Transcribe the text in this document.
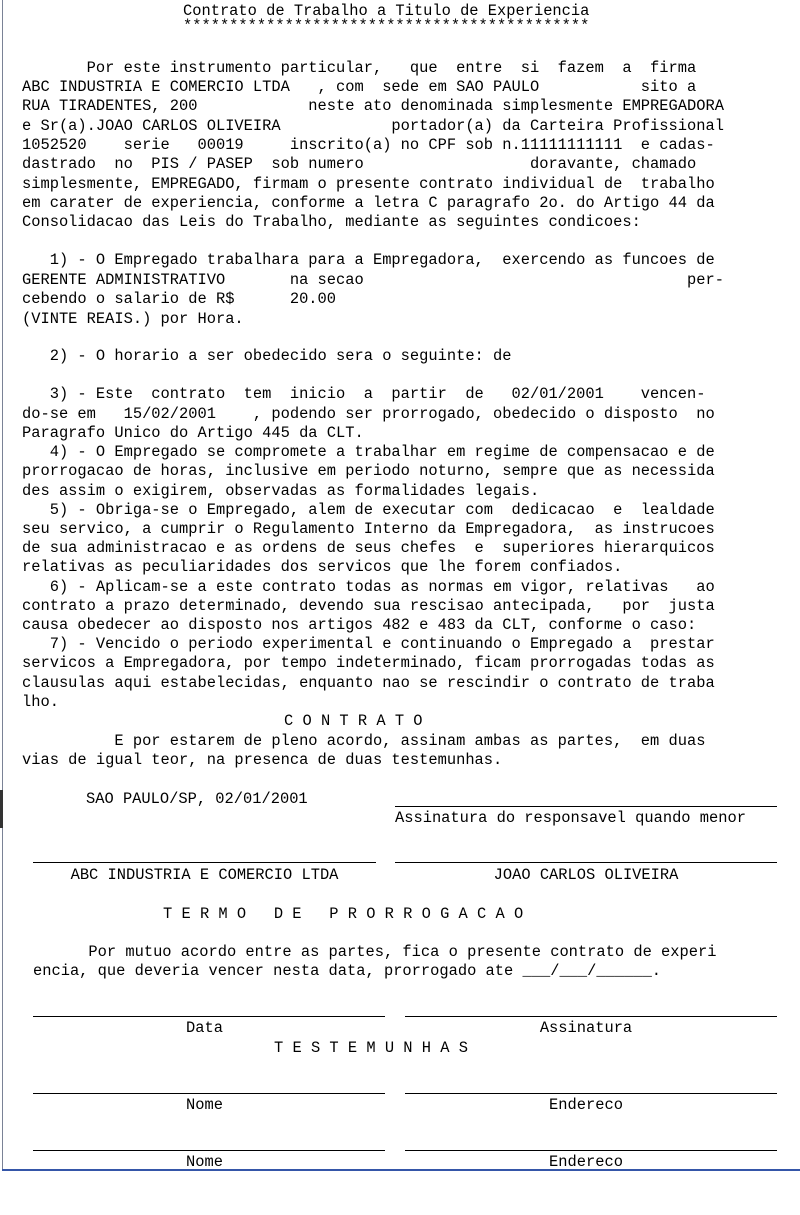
Contrato de Trabalho a Titulo de Experiencia
********************************************
Por este instrumento particular,   que  entre  si  fazem  a  firma
ABC INDUSTRIA E COMERCIO LTDA   , com  sede em SAO PAULO           sito a
RUA TIRADENTES, 200            neste ato denominada simplesmente EMPREGADORA
e Sr(a).JOAO CARLOS OLIVEIRA            portador(a) da Carteira Profissional
1052520    serie   00019     inscrito(a) no CPF sob n.11111111111  e cadas-
dastrado  no  PIS / PASEP  sob numero                  doravante, chamado
simplesmente, EMPREGADO, firmam o presente contrato individual de  trabalho
em carater de experiencia, conforme a letra C paragrafo 2o. do Artigo 44 da
Consolidacao das Leis do Trabalho, mediante as seguintes condicoes:
1) - O Empregado trabalhara para a Empregadora,  exercendo as funcoes de
GERENTE ADMINISTRATIVO       na secao                                   per-
cebendo o salario de R$      20.00
(VINTE REAIS.) por Hora.
2) - O horario a ser obedecido sera o seguinte: de
3) - Este  contrato  tem  inicio  a  partir  de   02/01/2001    vencen-
do-se em   15/02/2001    , podendo ser prorrogado, obedecido o disposto  no
Paragrafo Unico do Artigo 445 da CLT.
4) - O Empregado se compromete a trabalhar em regime de compensacao e de
prorrogacao de horas, inclusive em periodo noturno, sempre que as necessida
des assim o exigirem, observadas as formalidades legais.
5) - Obriga-se o Empregado, alem de executar com  dedicacao  e  lealdade
seu servico, a cumprir o Regulamento Interno da Empregadora,  as instrucoes
de sua administracao e as ordens de seus chefes  e  superiores hierarquicos
relativas as peculiaridades dos servicos que lhe forem confiados.
6) - Aplicam-se a este contrato todas as normas em vigor, relativas   ao
contrato a prazo determinado, devendo sua rescisao antecipada,   por  justa
causa obedecer ao disposto nos artigos 482 e 483 da CLT, conforme o caso:
7) - Vencido o periodo experimental e continuando o Empregado a  prestar
servicos a Empregadora, por tempo indeterminado, ficam prorrogadas todas as
clausulas aqui estabelecidas, enquanto nao se rescindir o contrato de traba
lho.
C O N T R A T O
E por estarem de pleno acordo, assinam ambas as partes,  em duas
vias de igual teor, na presenca de duas testemunhas.
SAO PAULO/SP, 02/01/2001
Assinatura do responsavel quando menor
ABC INDUSTRIA E COMERCIO LTDA	JOAO CARLOS OLIVEIRA
T E R M O   D E   P R O R R O G A C A O
Por mutuo acordo entre as partes, fica o presente contrato de experi
encia, que deveria vencer nesta data, prorrogado ate ___/___/______.
Data	Assinatura
T E S T E M U N H A S
Nome	Endereco
Nome	Endereco
